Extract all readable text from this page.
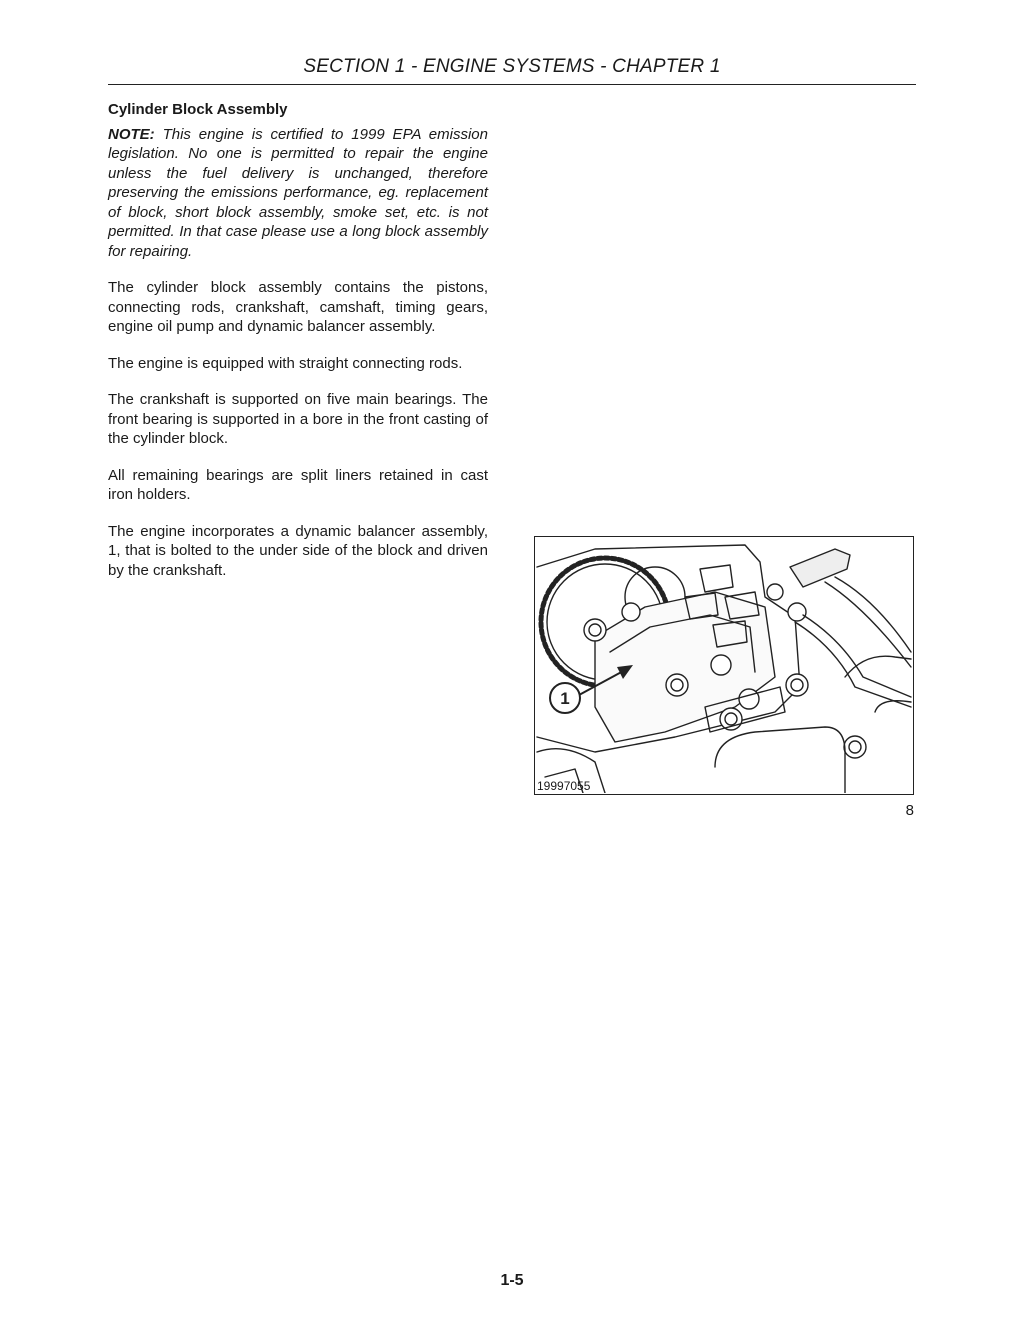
SECTION 1 - ENGINE SYSTEMS - CHAPTER 1
Cylinder Block Assembly

NOTE: This engine is certified to 1999 EPA emission legislation. No one is permitted to repair the engine unless the fuel delivery is unchanged, therefore preserving the emissions performance, eg. replacement of block, short block assembly, smoke set, etc. is not permitted. In that case please use a long block assembly for repairing.

The cylinder block assembly contains the pistons, connecting rods, crankshaft, camshaft, timing gears, engine oil pump and dynamic balancer assembly.

The engine is equipped with straight connecting rods.

The crankshaft is supported on five main bearings. The front bearing is supported in a bore in the front casting of the cylinder block.

All remaining bearings are split liners retained in cast iron holders.

The engine incorporates a dynamic balancer assembly, 1, that is bolted to the under side of the block and driven by the crankshaft.

1
19997055
8
1-5
